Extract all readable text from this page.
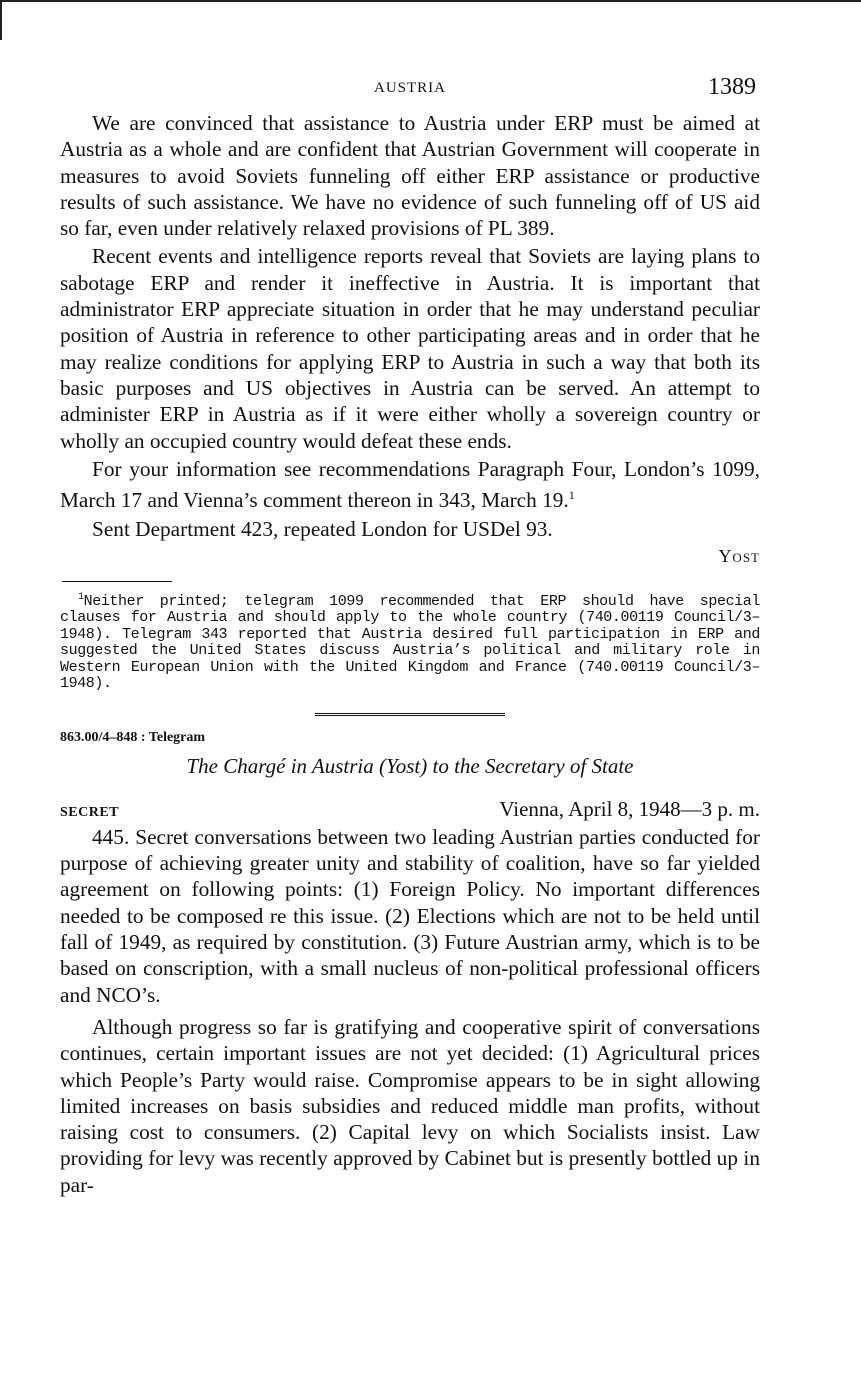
AUSTRIA	1389

We are convinced that assistance to Austria under ERP must be aimed at Austria as a whole and are confident that Austrian Government will cooperate in measures to avoid Soviets funneling off either ERP assistance or productive results of such assistance. We have no evidence of such funneling off of US aid so far, even under relatively relaxed provisions of PL 389.

Recent events and intelligence reports reveal that Soviets are laying plans to sabotage ERP and render it ineffective in Austria. It is important that administrator ERP appreciate situation in order that he may understand peculiar position of Austria in reference to other participating areas and in order that he may realize conditions for applying ERP to Austria in such a way that both its basic purposes and US objectives in Austria can be served. An attempt to administer ERP in Austria as if it were either wholly a sovereign country or wholly an occupied country would defeat these ends.

For your information see recommendations Paragraph Four, London’s 1099, March 17 and Vienna’s comment thereon in 343, March 19.$^1$

Sent Department 423, repeated London for USDel 93.

Yost

$^1$Neither printed; telegram 1099 recommended that ERP should have special clauses for Austria and should apply to the whole country (740.00119 Council/3–1948). Telegram 343 reported that Austria desired full participation in ERP and suggested the United States discuss Austria’s political and military role in Western European Union with the United Kingdom and France (740.00119 Council/3–1948).

863.00/4–848 : Telegram
The Chargé in Austria (Yost) to the Secretary of State
SECRET	Vienna, April 8, 1948—3 p. m.

445. Secret conversations between two leading Austrian parties conducted for purpose of achieving greater unity and stability of coalition, have so far yielded agreement on following points: (1) Foreign Policy. No important differences needed to be composed re this issue. (2) Elections which are not to be held until fall of 1949, as required by constitution. (3) Future Austrian army, which is to be based on conscription, with a small nucleus of non-political professional officers and NCO’s.

Although progress so far is gratifying and cooperative spirit of conversations continues, certain important issues are not yet decided: (1) Agricultural prices which People’s Party would raise. Compromise appears to be in sight allowing limited increases on basis subsidies and reduced middle man profits, without raising cost to consumers. (2) Capital levy on which Socialists insist. Law providing for levy was recently approved by Cabinet but is presently bottled up in par-
